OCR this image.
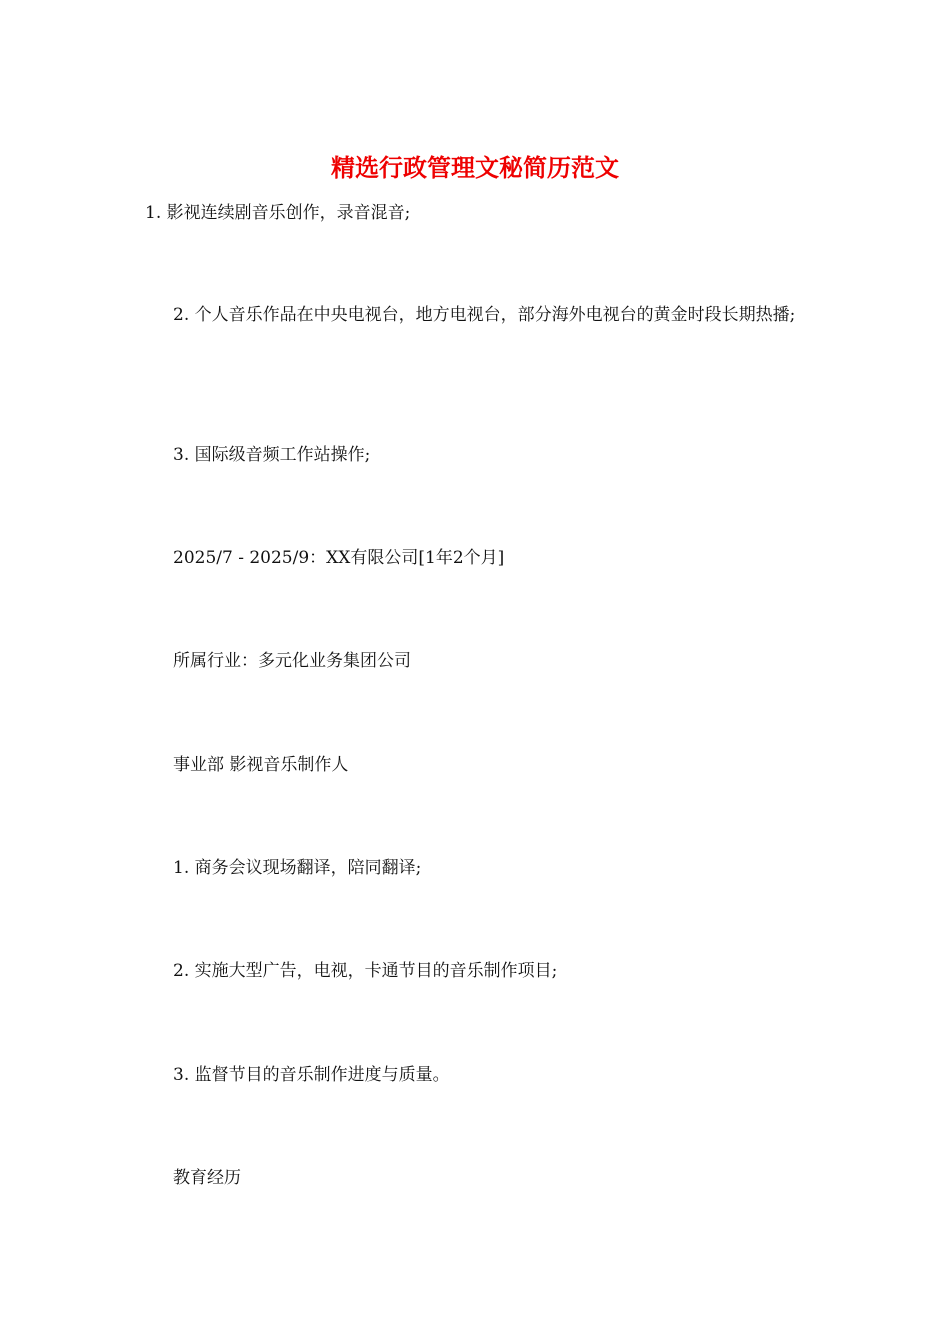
精选行政管理文秘简历范文
1. 影视连续剧音乐创作，录音混音;
2. 个人音乐作品在中央电视台，地方电视台，部分海外电视台的黄金时段长期热播;
3. 国际级音频工作站操作;
2025/7 - 2025/9：XX有限公司[1年2个月]
所属行业：多元化业务集团公司
事业部 影视音乐制作人
1. 商务会议现场翻译，陪同翻译;
2. 实施大型广告，电视，卡通节目的音乐制作项目;
3. 监督节目的音乐制作进度与质量。
教育经历
